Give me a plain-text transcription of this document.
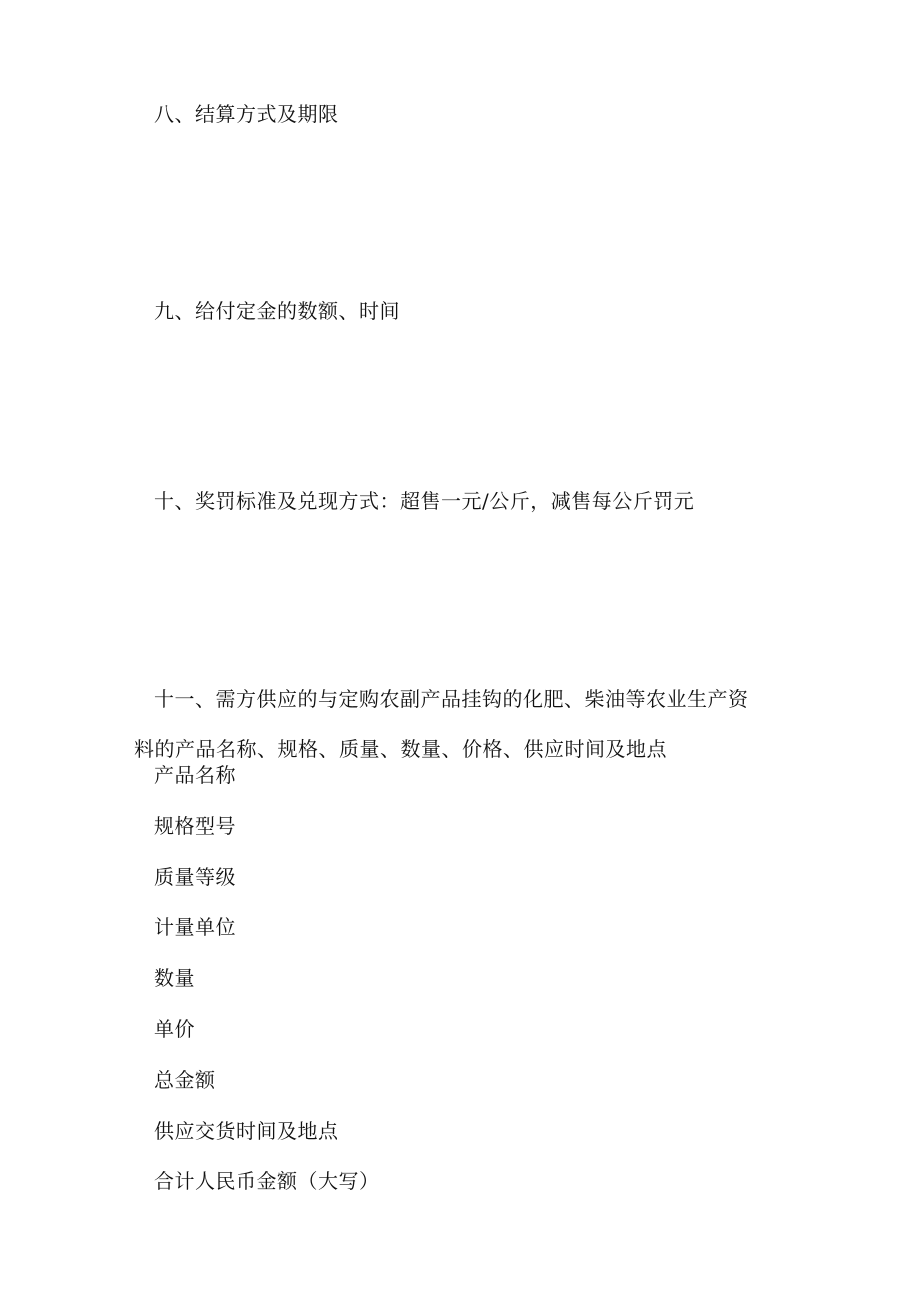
八、结算方式及期限
九、给付定金的数额、时间
十、奖罚标准及兑现方式：超售一元/公斤，减售每公斤罚元
十一、需方供应的与定购农副产品挂钩的化肥、柴油等农业生产资
料的产品名称、规格、质量、数量、价格、供应时间及地点
产品名称
规格型号
质量等级
计量单位
数量
单价
总金额
供应交货时间及地点
合计人民币金额（大写）
